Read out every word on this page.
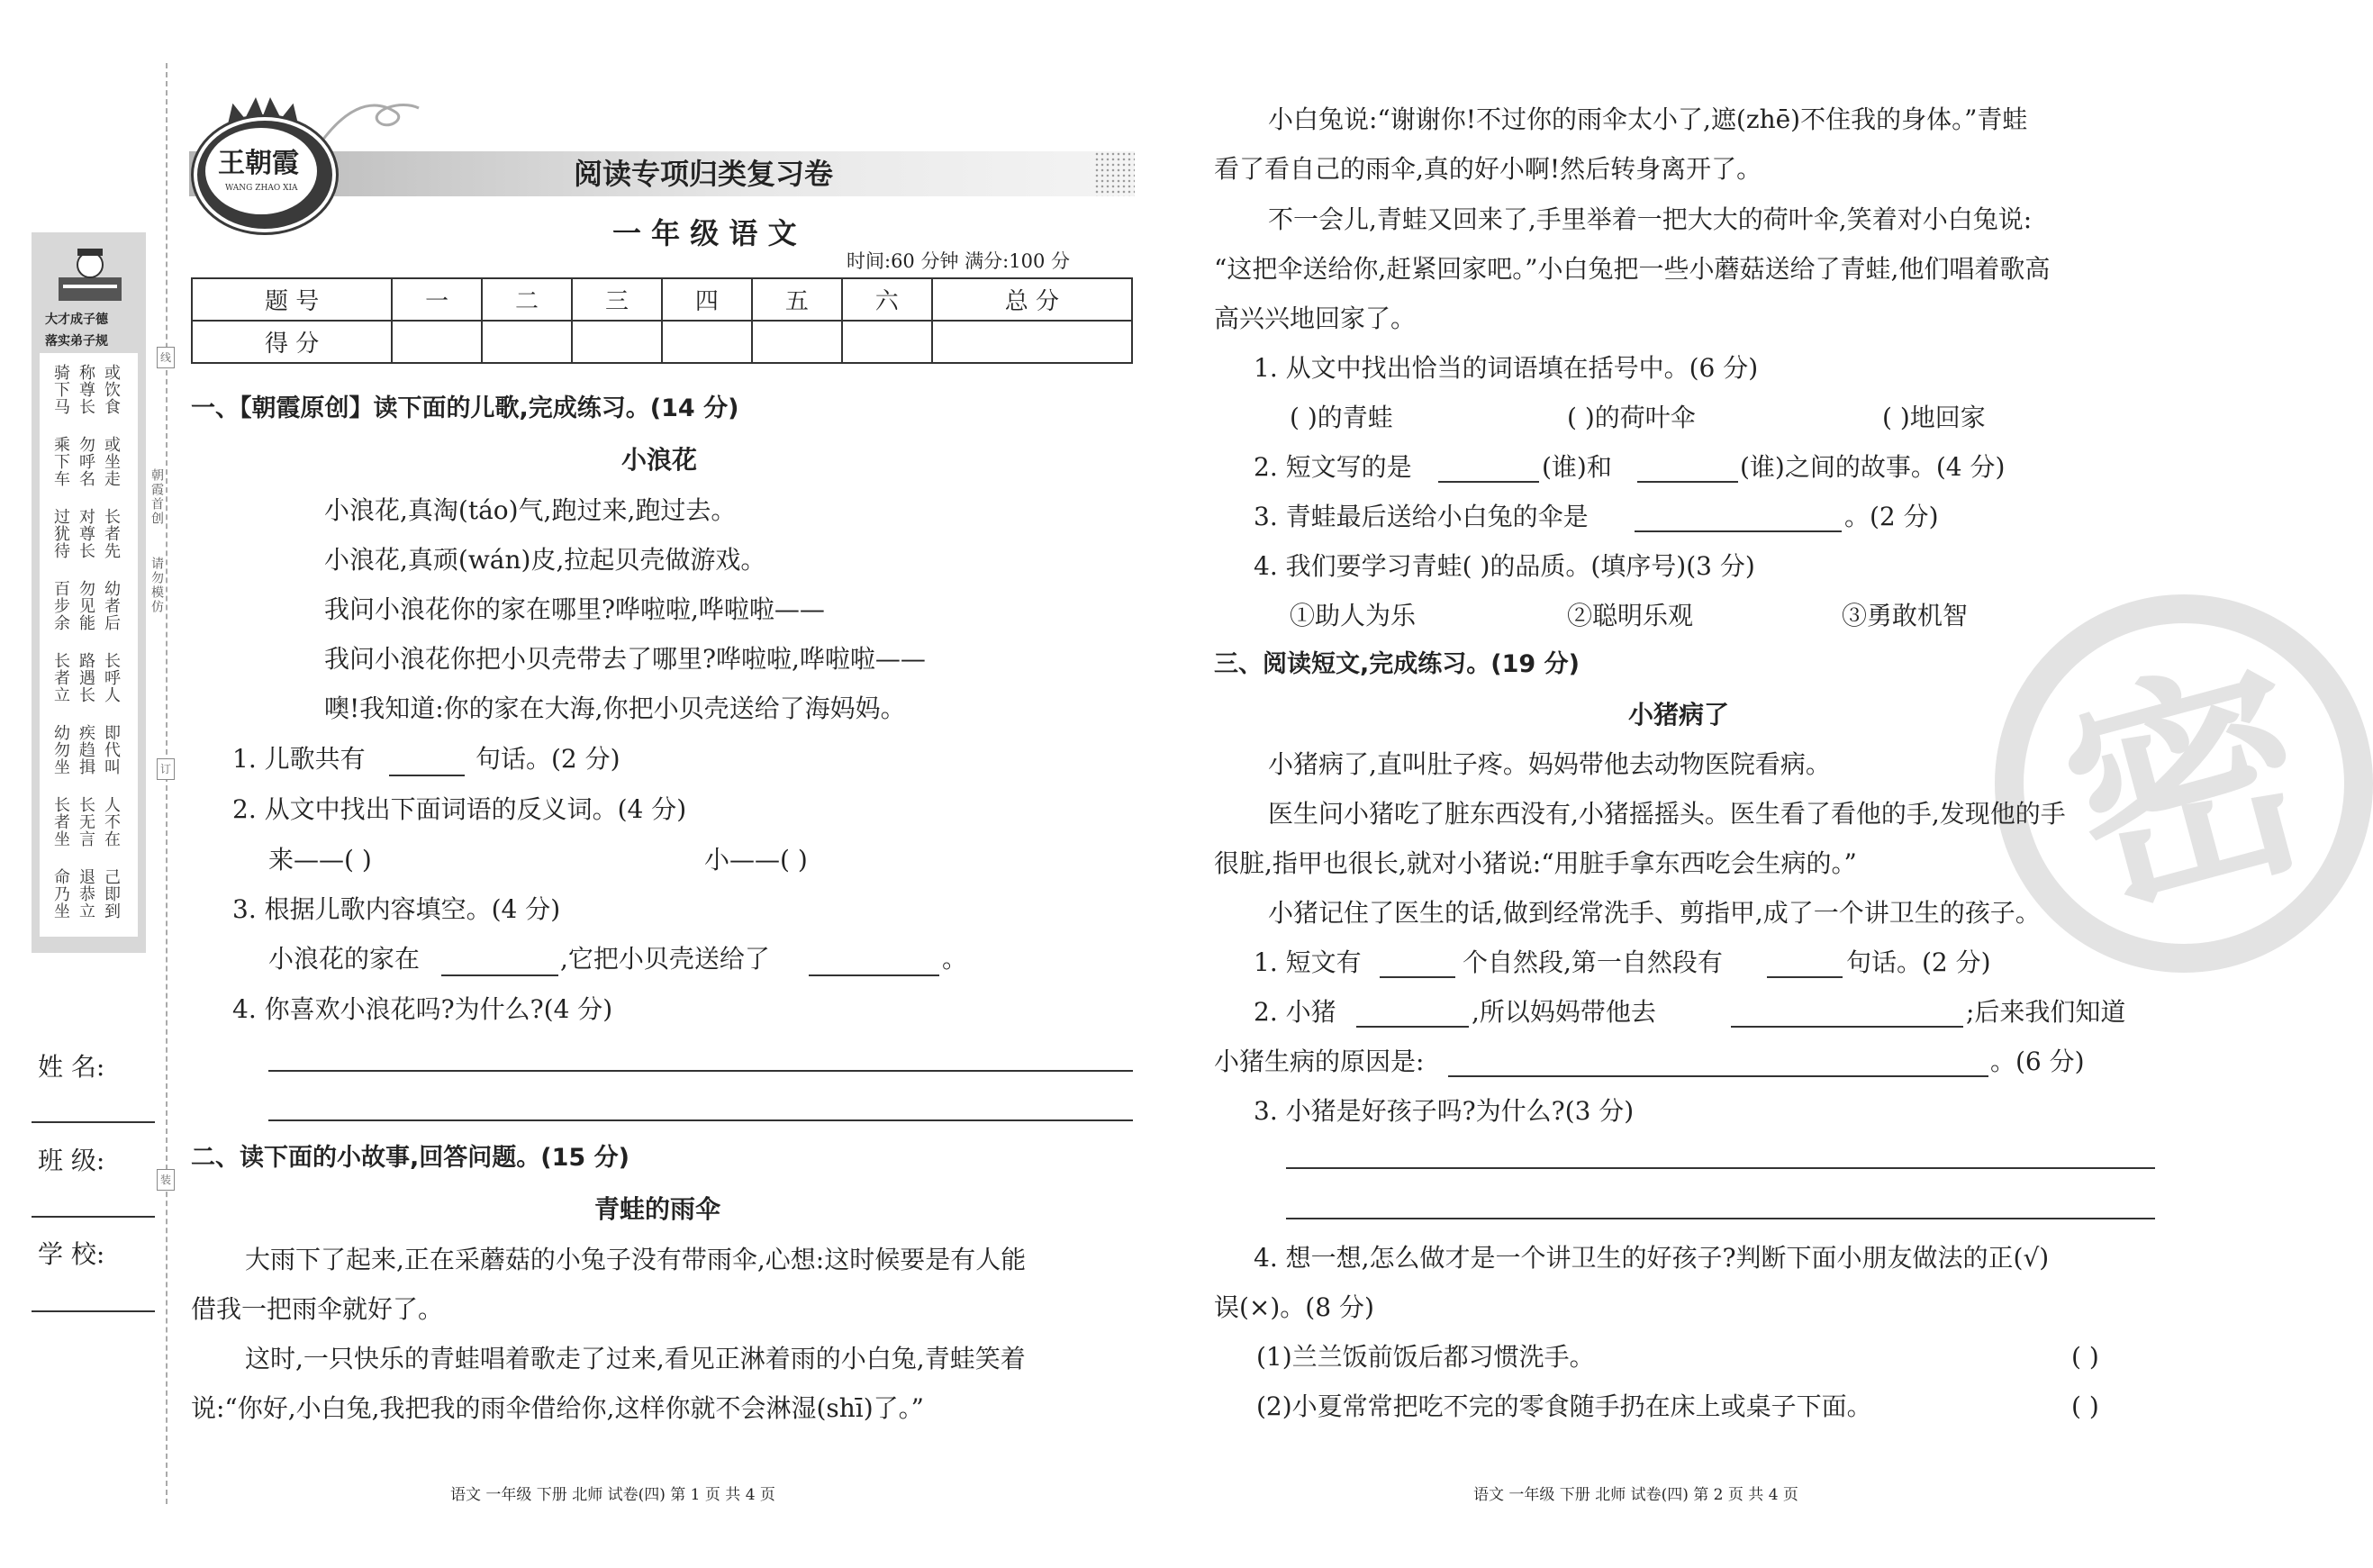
大才成子德
落实弟子规
骑下马 称尊长 或饮食
乘下车 勿呼名 或坐走
过犹待 对尊长 长者先
百步余 勿见能 幼者后
长者立 路遇长 长呼人
幼勿坐 疾趋揖 即代叫
长者坐 长无言 人不在
命乃坐 退恭立 己即到
朝霞首创
请勿模仿
线
订
装
姓 名:
班 级:
学 校:
王朝霞
WANG ZHAO XIA	阅读专项归类复习卷
一 年 级 语 文
时间:60 分钟 满分:100 分
题 号	一	二	三	四	五	六	总 分
得 分							
一、【朝霞原创】读下面的儿歌,完成练习。(14 分)
小浪花
小浪花,真淘(táo)气,跑过来,跑过去。
小浪花,真顽(wán)皮,拉起贝壳做游戏。
我问小浪花你的家在哪里?哗啦啦,哗啦啦——
我问小浪花你把小贝壳带去了哪里?哗啦啦,哗啦啦——
噢!我知道:你的家在大海,你把小贝壳送给了海妈妈。
1. 儿歌共有	句话。(2 分)
2. 从文中找出下面词语的反义词。(4 分)
来——( )	小——( )
3. 根据儿歌内容填空。(4 分)
小浪花的家在	,它把小贝壳送给了	。
4. 你喜欢小浪花吗?为什么?(4 分)
二、读下面的小故事,回答问题。(15 分)
青蛙的雨伞
大雨下了起来,正在采蘑菇的小兔子没有带雨伞,心想:这时候要是有人能
借我一把雨伞就好了。
这时,一只快乐的青蛙唱着歌走了过来,看见正淋着雨的小白兔,青蛙笑着
说:“你好,小白兔,我把我的雨伞借给你,这样你就不会淋湿(shī)了。”
语文 一年级 下册 北师 试卷(四) 第 1 页 共 4 页
密
小白兔说:“谢谢你!不过你的雨伞太小了,遮(zhē)不住我的身体。”青蛙
看了看自己的雨伞,真的好小啊!然后转身离开了。
不一会儿,青蛙又回来了,手里举着一把大大的荷叶伞,笑着对小白兔说:
“这把伞送给你,赶紧回家吧。”小白兔把一些小蘑菇送给了青蛙,他们唱着歌高
高兴兴地回家了。
1. 从文中找出恰当的词语填在括号中。(6 分)
( )的青蛙	( )的荷叶伞	( )地回家
2. 短文写的是	(谁)和	(谁)之间的故事。(4 分)
3. 青蛙最后送给小白兔的伞是	。(2 分)
4. 我们要学习青蛙( )的品质。(填序号)(3 分)
①助人为乐	②聪明乐观	③勇敢机智
三、阅读短文,完成练习。(19 分)
小猪病了
小猪病了,直叫肚子疼。妈妈带他去动物医院看病。
医生问小猪吃了脏东西没有,小猪摇摇头。医生看了看他的手,发现他的手
很脏,指甲也很长,就对小猪说:“用脏手拿东西吃会生病的。”
小猪记住了医生的话,做到经常洗手、剪指甲,成了一个讲卫生的孩子。
1. 短文有	个自然段,第一自然段有	句话。(2 分)
2. 小猪	,所以妈妈带他去	;后来我们知道
小猪生病的原因是:	。(6 分)
3. 小猪是好孩子吗?为什么?(3 分)
4. 想一想,怎么做才是一个讲卫生的好孩子?判断下面小朋友做法的正(√)
误(×)。(8 分)
(1)兰兰饭前饭后都习惯洗手。	( )
(2)小夏常常把吃不完的零食随手扔在床上或桌子下面。	( )
语文 一年级 下册 北师 试卷(四) 第 2 页 共 4 页
